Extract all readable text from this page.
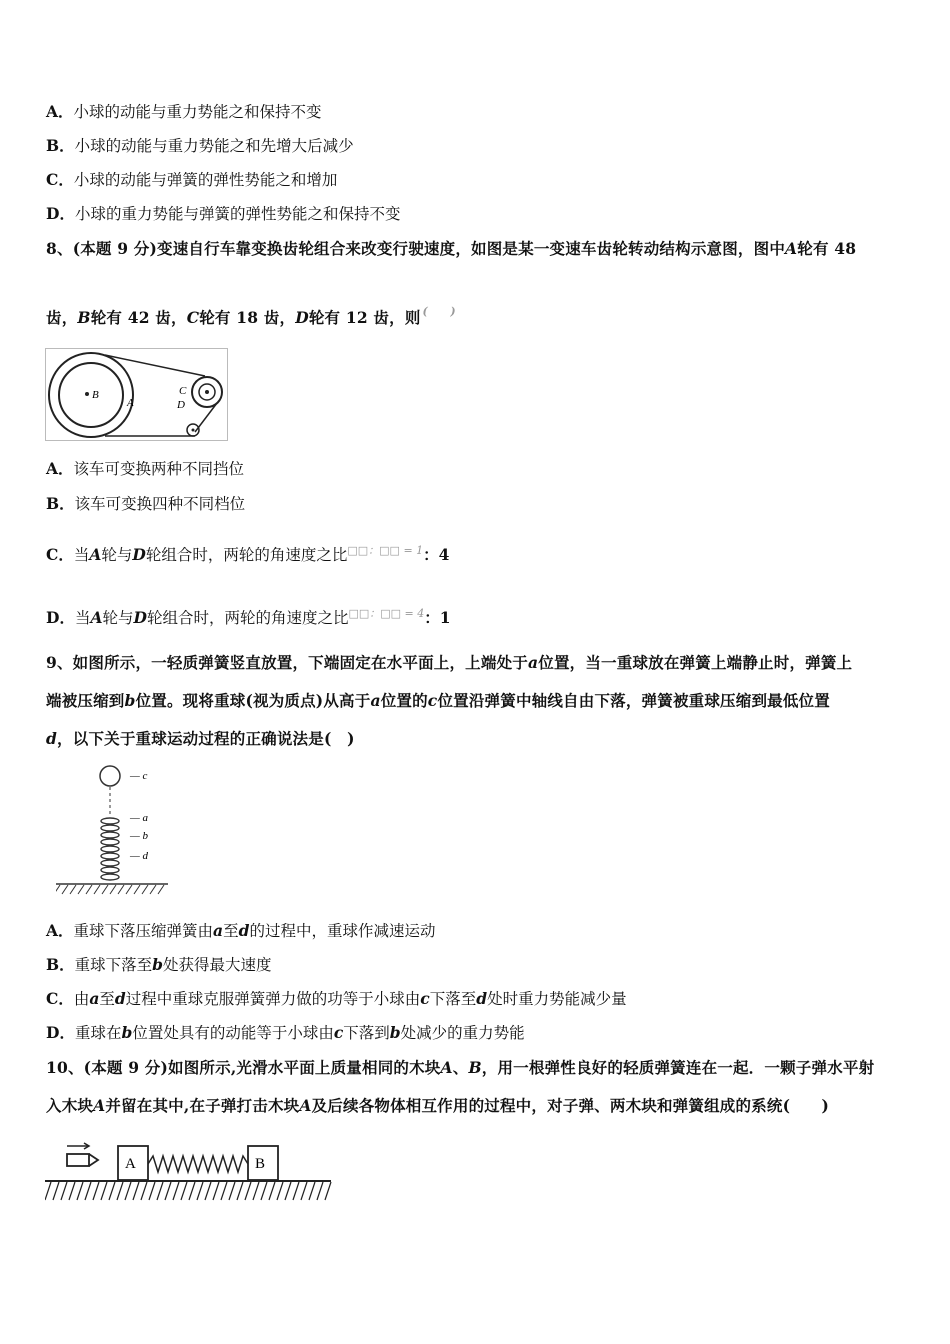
A．小球的动能与重力势能之和保持不变
B．小球的动能与重力势能之和先增大后减少
C．小球的动能与弹簧的弹性势能之和增加
D．小球的重力势能与弹簧的弹性势能之和保持不变
8、(本题 9 分)变速自行车靠变换齿轮组合来改变行驶速度，如图是某一变速车齿轮转动结构示意图，图中A轮有 48
齿，B轮有 42 齿，C轮有 18 齿，D轮有 12 齿，则 (　　)
B
A
C
D
A．该车可变换两种不同挡位
B．该车可变换四种不同档位
C．当A轮与D轮组合时，两轮的角速度之比$^{□□:□□ = 1}$：4
D．当A轮与D轮组合时，两轮的角速度之比$^{□□:□□ = 4}$：1
9、如图所示，一轻质弹簧竖直放置，下端固定在水平面上，上端处于a位置，当一重球放在弹簧上端静止时，弹簧上
端被压缩到b位置。现将重球(视为质点)从高于a位置的c位置沿弹簧中轴线自由下落，弹簧被重球压缩到最低位置
d，以下关于重球运动过程的正确说法是(　)
— c
— a
— b
— d
A．重球下落压缩弹簧由a至d的过程中，重球作减速运动
B．重球下落至b处获得最大速度
C．由a至d过程中重球克服弹簧弹力做的功等于小球由c下落至d处时重力势能减少量
D．重球在b位置处具有的动能等于小球由c下落到b处减少的重力势能
10、(本题 9 分)如图所示,光滑水平面上质量相同的木块A、B，用一根弹性良好的轻质弹簧连在一起．一颗子弹水平射
入木块A并留在其中,在子弹打击木块A及后续各物体相互作用的过程中，对子弹、两木块和弹簧组成的系统(　　)
A	B
